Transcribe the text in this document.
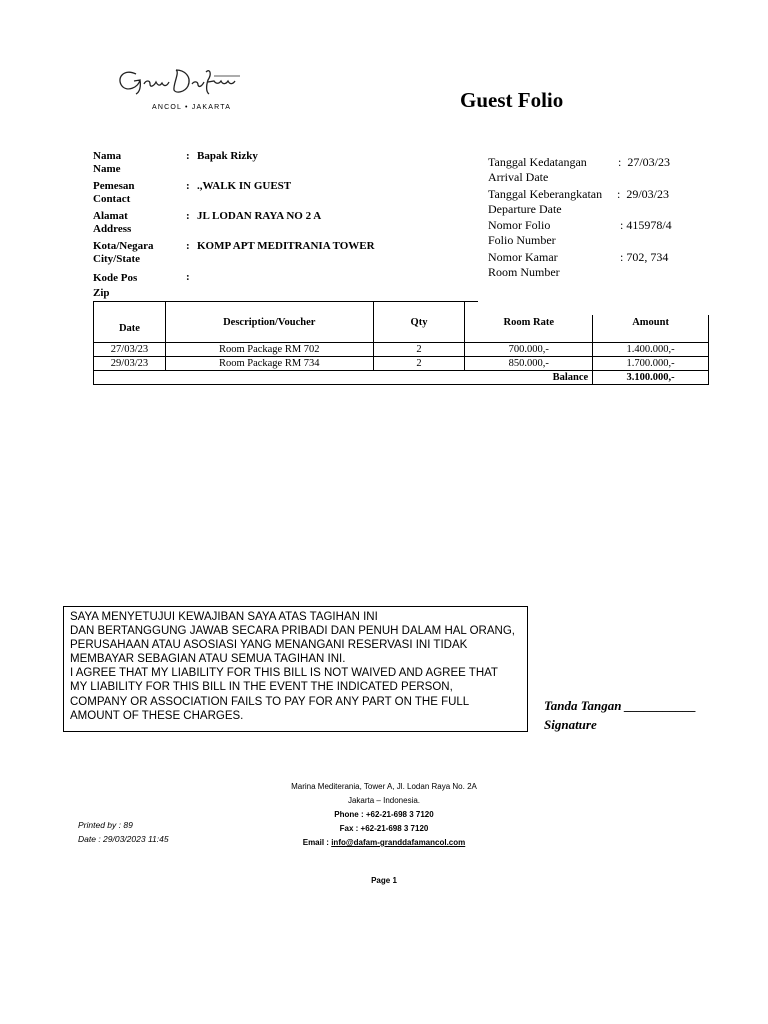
ANCOL • JAKARTA	Guest Folio
Nama
Name
: Bapak Rizky
Pemesan
Contact
: .,WALK IN GUEST
Alamat
Address
: JL LODAN RAYA NO 2 A
Kota/Negara
City/State
: KOMP APT MEDITRANIA TOWER
Kode Pos
Zip
:
Tanggal Kedatangan
Arrival Date
:  27/03/23
Tanggal Keberangkatan
Departure Date
:  29/03/23
Nomor Folio
Folio Number
: 415978/4
Nomor Kamar
Room Number
: 702, 734
Date	Description/Voucher	Qty	Room Rate	Amount
27/03/23	Room Package RM 702	2	700.000,-	1.400.000,-
29/03/23	Room Package RM 734	2	850.000,-	1.700.000,-
			Balance	3.100.000,-
SAYA MENYETUJUI KEWAJIBAN SAYA ATAS TAGIHAN INI
DAN BERTANGGUNG JAWAB SECARA PRIBADI DAN PENUH DALAM HAL ORANG,
PERUSAHAAN ATAU ASOSIASI YANG MENANGANI RESERVASI INI TIDAK
MEMBAYAR SEBAGIAN ATAU SEMUA TAGIHAN INI.
I AGREE THAT MY LIABILITY FOR THIS BILL IS NOT WAIVED AND AGREE THAT
MY LIABILITY FOR THIS BILL IN THE EVENT THE INDICATED PERSON,
COMPANY OR ASSOCIATION FAILS TO PAY FOR ANY PART ON THE FULL
AMOUNT OF THESE CHARGES.
Tanda Tangan ___________
Signature
Marina Mediterania, Tower A, Jl. Lodan Raya No. 2A
Jakarta – Indonesia.
Phone : +62-21-698 3 7120
Fax : +62-21-698 3 7120
Email : info@dafam-granddafamancol.com
Printed by : 89
Date : 29/03/2023 11:45
Page 1
